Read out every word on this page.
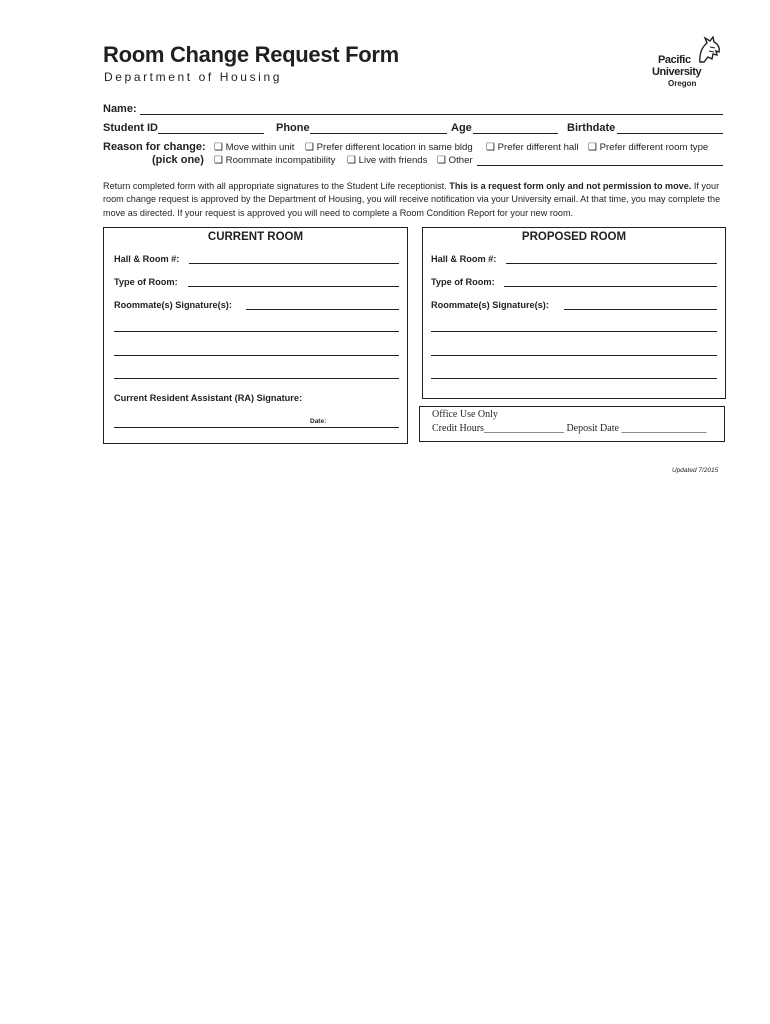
Room Change Request Form
Department of Housing
Pacific
University
Oregon
Name:
Student ID	Phone	Age	Birthdate
Reason for change: ❑ Move within unit ❑ Prefer different location in same bldg ❑ Prefer different hall ❑ Prefer different room type
(pick one) ❑ Roommate incompatibility ❑ Live with friends ❑ Other
Return completed form with all appropriate signatures to the Student Life receptionist. This is a request form only and not permission to move. If your room change request is approved by the Department of Housing, you will receive notification via your University email. At that time, you may complete the move as directed. If your request is approved you will need to complete a Room Condition Report for your new room.
CURRENT ROOM
Hall & Room #:
Type of Room:
Roommate(s) Signature(s):
Current Resident Assistant (RA) Signature:
Date:
PROPOSED ROOM
Hall & Room #:
Type of Room:
Roommate(s) Signature(s):
Office Use Only
Credit Hours________________ Deposit Date _________________
Updated 7/2015
